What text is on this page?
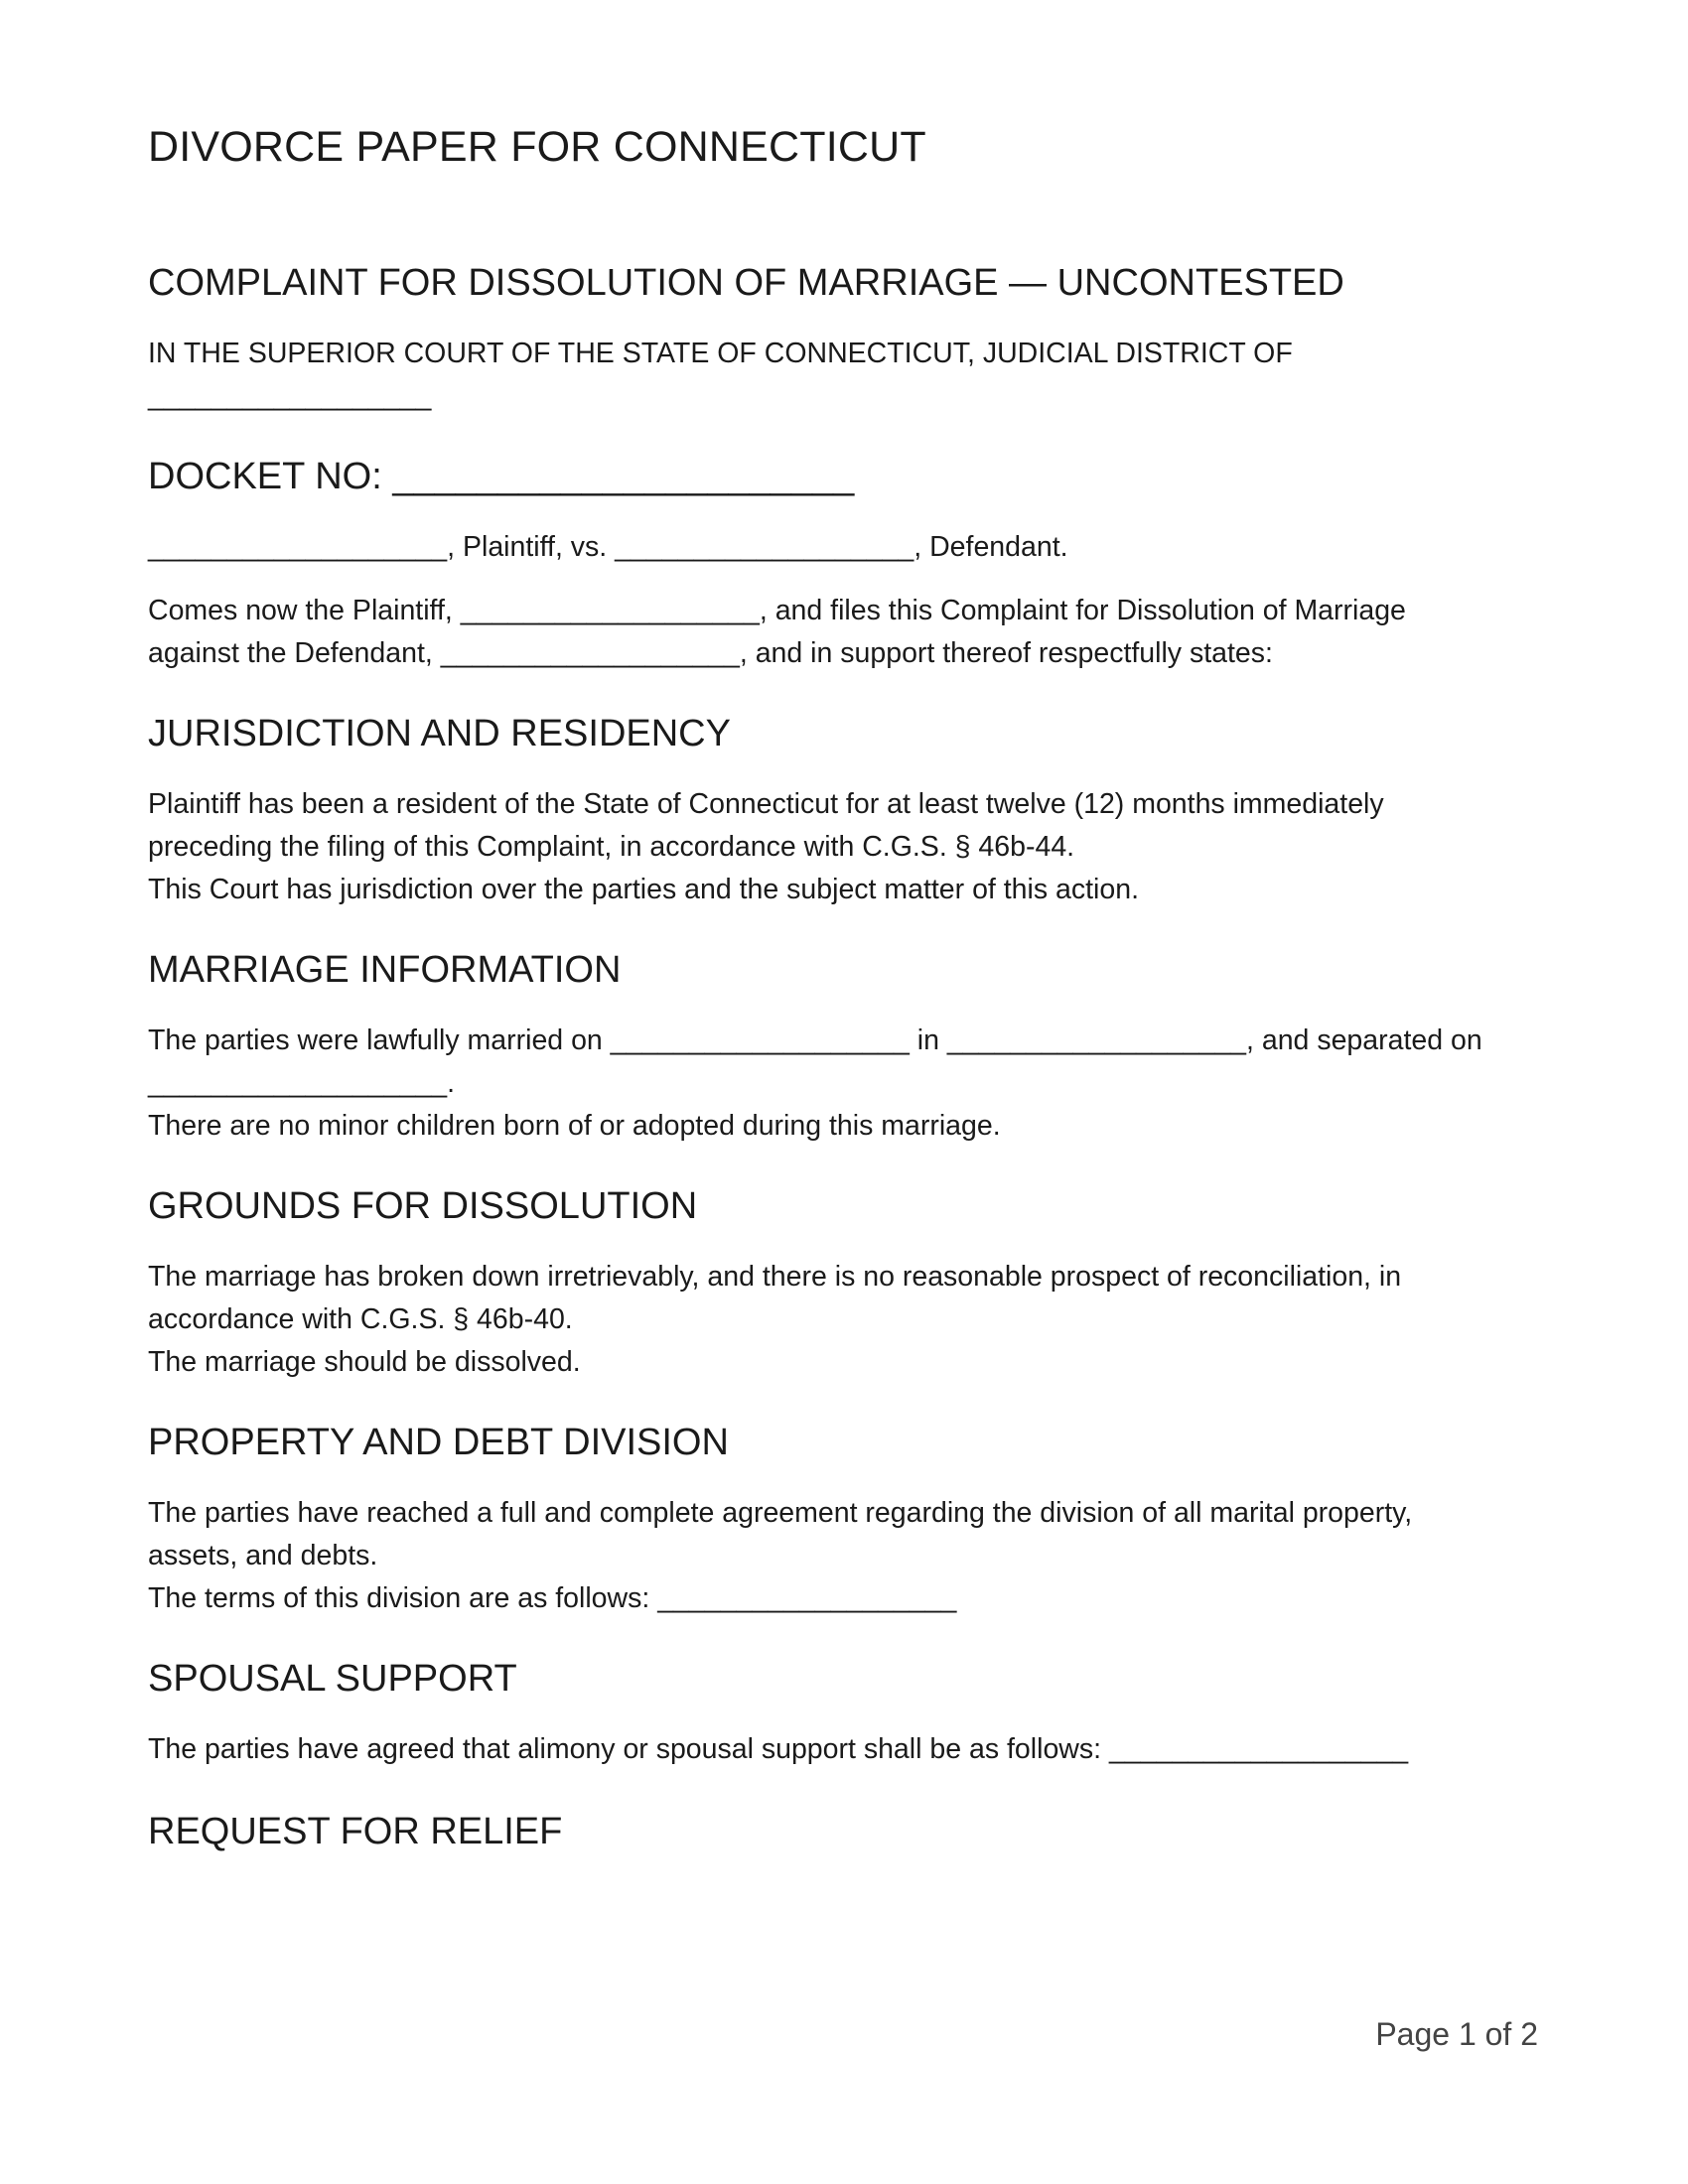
DIVORCE PAPER FOR CONNECTICUT
COMPLAINT FOR DISSOLUTION OF MARRIAGE — UNCONTESTED

IN THE SUPERIOR COURT OF THE STATE OF CONNECTICUT, JUDICIAL DISTRICT OF
__________________

DOCKET NO: ______________________

___________________, Plaintiff, vs. ___________________, Defendant.

Comes now the Plaintiff, ___________________, and files this Complaint for Dissolution of Marriage
against the Defendant, ___________________, and in support thereof respectfully states:

JURISDICTION AND RESIDENCY

Plaintiff has been a resident of the State of Connecticut for at least twelve (12) months immediately
preceding the filing of this Complaint, in accordance with C.G.S. § 46b-44.
This Court has jurisdiction over the parties and the subject matter of this action.

MARRIAGE INFORMATION

The parties were lawfully married on ___________________ in ___________________, and separated on
___________________.
There are no minor children born of or adopted during this marriage.

GROUNDS FOR DISSOLUTION

The marriage has broken down irretrievably, and there is no reasonable prospect of reconciliation, in
accordance with C.G.S. § 46b-40.
The marriage should be dissolved.

PROPERTY AND DEBT DIVISION

The parties have reached a full and complete agreement regarding the division of all marital property,
assets, and debts.
The terms of this division are as follows: ___________________

SPOUSAL SUPPORT

The parties have agreed that alimony or spousal support shall be as follows: ___________________

REQUEST FOR RELIEF
Page 1 of 2
